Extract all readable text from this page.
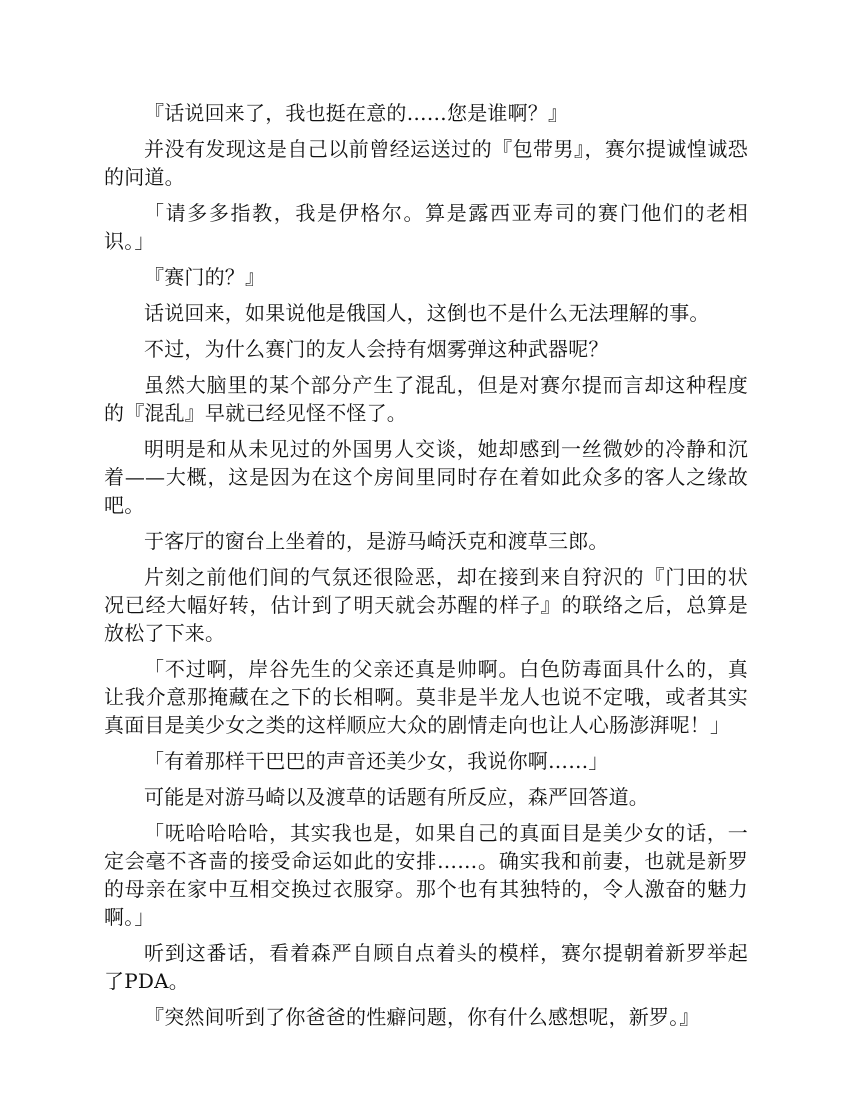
『话说回来了，我也挺在意的……您是谁啊？』

并没有发现这是自己以前曾经运送过的『包带男』，赛尔提诚惶诚恐的问道。

「请多多指教，我是伊格尔。算是露西亚寿司的赛门他们的老相识。」

『赛门的？』

话说回来，如果说他是俄国人，这倒也不是什么无法理解的事。

不过，为什么赛门的友人会持有烟雾弹这种武器呢？

虽然大脑里的某个部分产生了混乱，但是对赛尔提而言却这种程度的『混乱』早就已经见怪不怪了。

明明是和从未见过的外国男人交谈，她却感到一丝微妙的冷静和沉着——大概，这是因为在这个房间里同时存在着如此众多的客人之缘故吧。

于客厅的窗台上坐着的，是游马崎沃克和渡草三郎。

片刻之前他们间的气氛还很险恶，却在接到来自狩沢的『门田的状况已经大幅好转，估计到了明天就会苏醒的样子』的联络之后，总算是放松了下来。

「不过啊，岸谷先生的父亲还真是帅啊。白色防毒面具什么的，真让我介意那掩藏在之下的长相啊。莫非是半龙人也说不定哦，或者其实真面目是美少女之类的这样顺应大众的剧情走向也让人心肠澎湃呢！」

「有着那样干巴巴的声音还美少女，我说你啊……」

可能是对游马崎以及渡草的话题有所反应，森严回答道。

「呒哈哈哈哈，其实我也是，如果自己的真面目是美少女的话，一定会毫不吝啬的接受命运如此的安排……。确实我和前妻，也就是新罗的母亲在家中互相交换过衣服穿。那个也有其独特的，令人激奋的魅力啊。」

听到这番话，看着森严自顾自点着头的模样，赛尔提朝着新罗举起了PDA。

『突然间听到了你爸爸的性癖问题，你有什么感想呢，新罗。』
